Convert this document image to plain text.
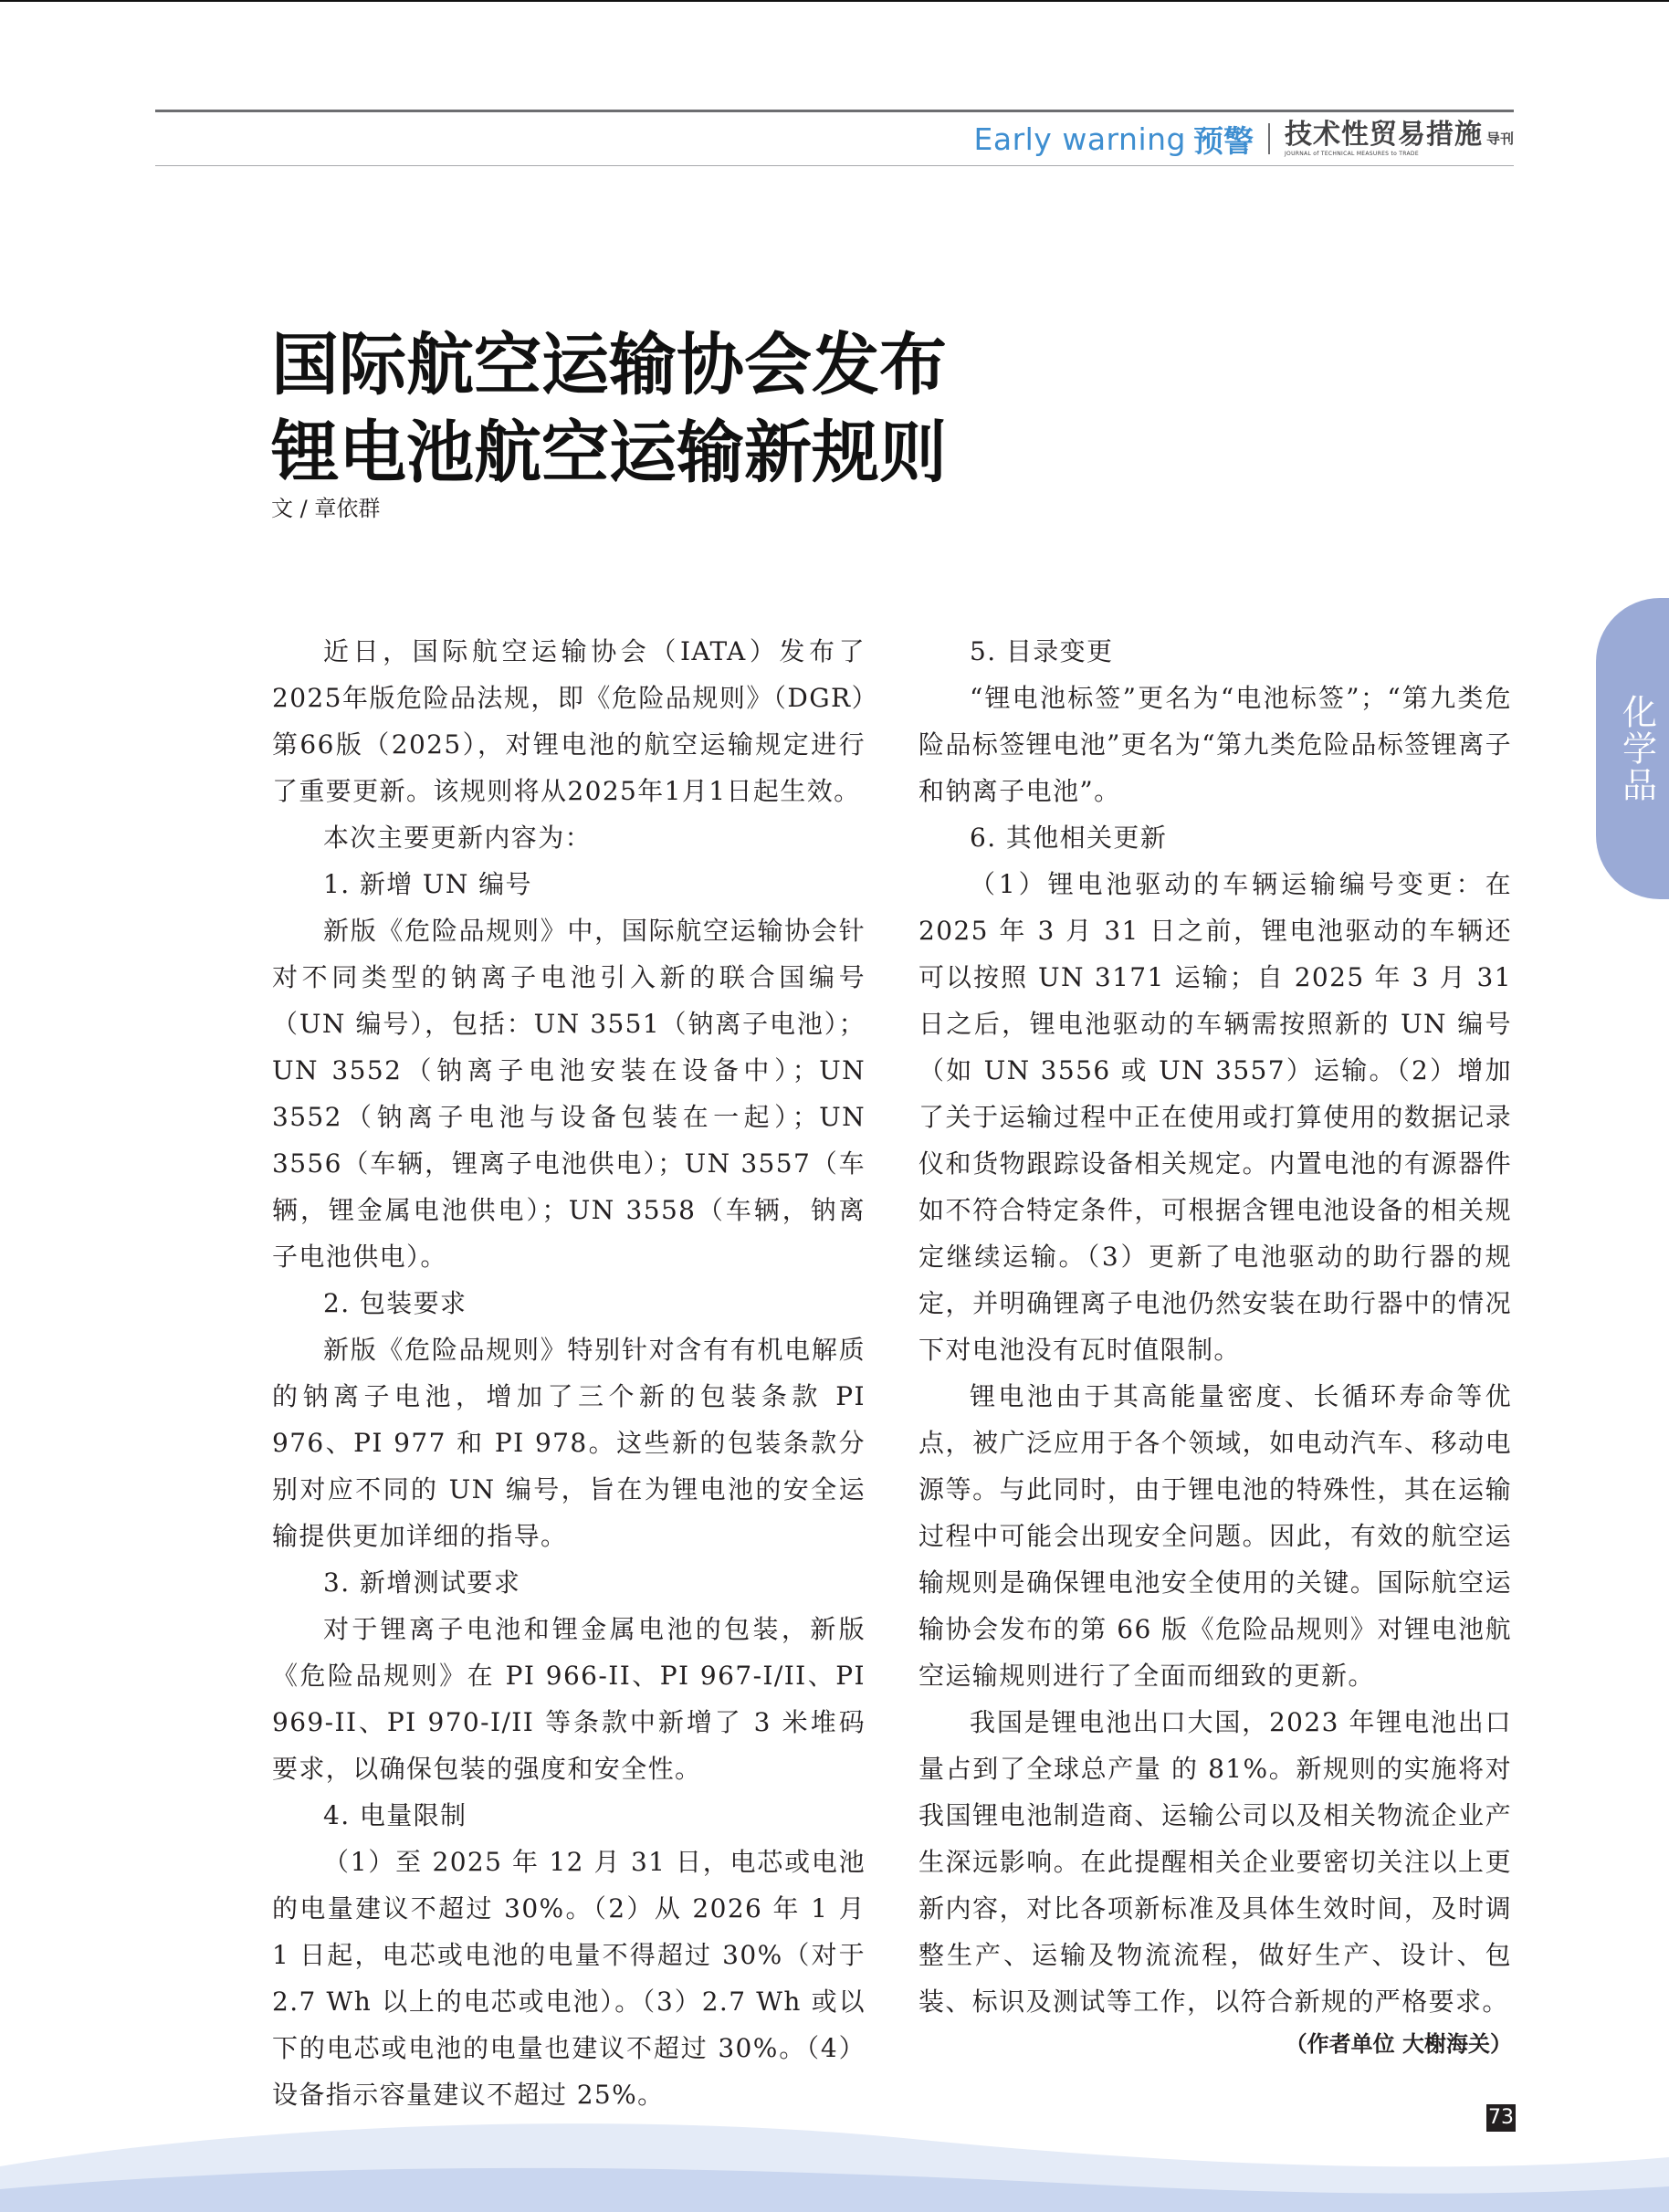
Early warning 预警 技术性贸易措施 导刊
JOURNAL of TECHNICAL MEASURES to TRADE
化学品
国际航空运输协会发布
锂电池航空运输新规则
文 / 章依群

近日，国际航空运输协会（IATA）发布了2025年版危险品法规，即《危险品规则》（DGR）第66版（2025），对锂电池的航空运输规定进行了重要更新。该规则将从2025年1月1日起生效。

本次主要更新内容为：

1. 新增 UN 编号

新版《危险品规则》中，国际航空运输协会针对不同类型的钠离子电池引入新的联合国编号（UN 编号），包括：UN 3551（钠离子电池）；UN 3552（钠离子电池安装在设备中）；UN 3552（钠离子电池与设备包装在一起）；UN 3556（车辆，锂离子电池供电）；UN 3557（车辆，锂金属电池供电）；UN 3558（车辆，钠离子电池供电）。

2. 包装要求

新版《危险品规则》特别针对含有有机电解质的钠离子电池，增加了三个新的包装条款 PI 976、PI 977 和 PI 978。这些新的包装条款分别对应不同的 UN 编号，旨在为锂电池的安全运输提供更加详细的指导。

3. 新增测试要求

对于锂离子电池和锂金属电池的包装，新版《危险品规则》在 PI 966-II、PI 967-I/II、PI 969-II、PI 970-I/II 等条款中新增了 3 米堆码要求，以确保包装的强度和安全性。

4. 电量限制

（1）至 2025 年 12 月 31 日，电芯或电池的电量建议不超过 30%。（2）从 2026 年 1 月 1 日起，电芯或电池的电量不得超过 30%（对于 2.7 Wh 以上的电芯或电池）。（3）2.7 Wh 或以下的电芯或电池的电量也建议不超过 30%。（4）设备指示容量建议不超过 25%。

5. 目录变更

“锂电池标签”更名为“电池标签”；“第九类危险品标签锂电池”更名为“第九类危险品标签锂离子和钠离子电池”。

6. 其他相关更新

（1）锂电池驱动的车辆运输编号变更：在 2025 年 3 月 31 日之前，锂电池驱动的车辆还可以按照 UN 3171 运输；自 2025 年 3 月 31 日之后，锂电池驱动的车辆需按照新的 UN 编号（如 UN 3556 或 UN 3557）运输。（2）增加了关于运输过程中正在使用或打算使用的数据记录仪和货物跟踪设备相关规定。内置电池的有源器件如不符合特定条件，可根据含锂电池设备的相关规定继续运输。（3）更新了电池驱动的助行器的规定，并明确锂离子电池仍然安装在助行器中的情况下对电池没有瓦时值限制。

锂电池由于其高能量密度、长循环寿命等优点，被广泛应用于各个领域，如电动汽车、移动电源等。与此同时，由于锂电池的特殊性，其在运输过程中可能会出现安全问题。因此，有效的航空运输规则是确保锂电池安全使用的关键。国际航空运输协会发布的第 66 版《危险品规则》对锂电池航空运输规则进行了全面而细致的更新。

我国是锂电池出口大国，2023 年锂电池出口量占到了全球总产量 的 81%。新规则的实施将对我国锂电池制造商、运输公司以及相关物流企业产生深远影响。在此提醒相关企业要密切关注以上更新内容，对比各项新标准及具体生效时间，及时调整生产、运输及物流流程，做好生产、设计、包装、标识及测试等工作，以符合新规的严格要求。

（作者单位 大榭海关）

73
